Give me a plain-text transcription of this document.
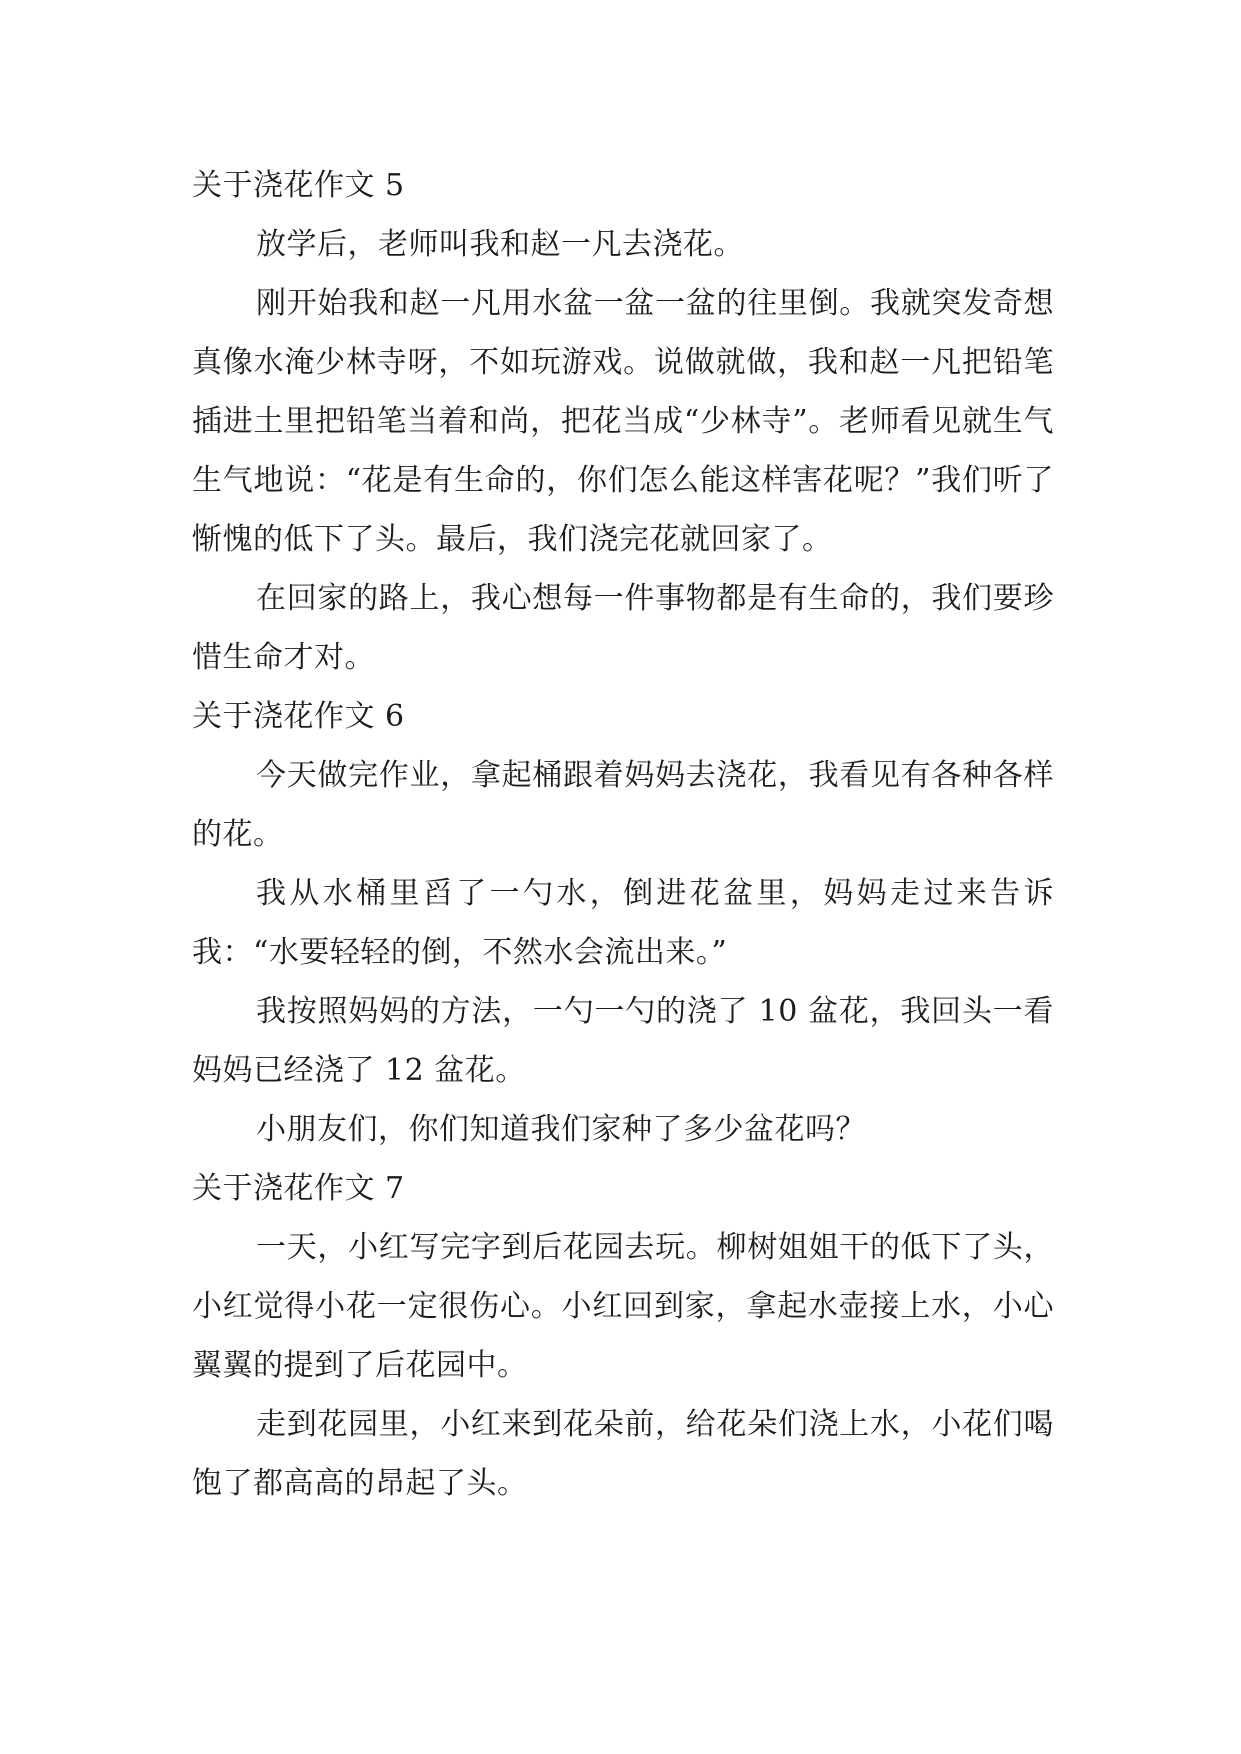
关于浇花作文 5

放学后，老师叫我和赵一凡去浇花。

刚开始我和赵一凡用水盆一盆一盆的往里倒。我就突发奇想真像水淹少林寺呀，不如玩游戏。说做就做，我和赵一凡把铅笔插进土里把铅笔当着和尚，把花当成“少林寺”。老师看见就生气生气地说：“花是有生命的，你们怎么能这样害花呢？”我们听了惭愧的低下了头。最后，我们浇完花就回家了。

在回家的路上，我心想每一件事物都是有生命的，我们要珍惜生命才对。

关于浇花作文 6

今天做完作业，拿起桶跟着妈妈去浇花，我看见有各种各样的花。

我从水桶里舀了一勺水，倒进花盆里，妈妈走过来告诉我：“水要轻轻的倒，不然水会流出来。”

我按照妈妈的方法，一勺一勺的浇了 10 盆花，我回头一看妈妈已经浇了 12 盆花。

小朋友们，你们知道我们家种了多少盆花吗？

关于浇花作文 7

一天，小红写完字到后花园去玩。柳树姐姐干的低下了头，小红觉得小花一定很伤心。小红回到家，拿起水壶接上水，小心翼翼的提到了后花园中。

走到花园里，小红来到花朵前，给花朵们浇上水，小花们喝饱了都高高的昂起了头。
